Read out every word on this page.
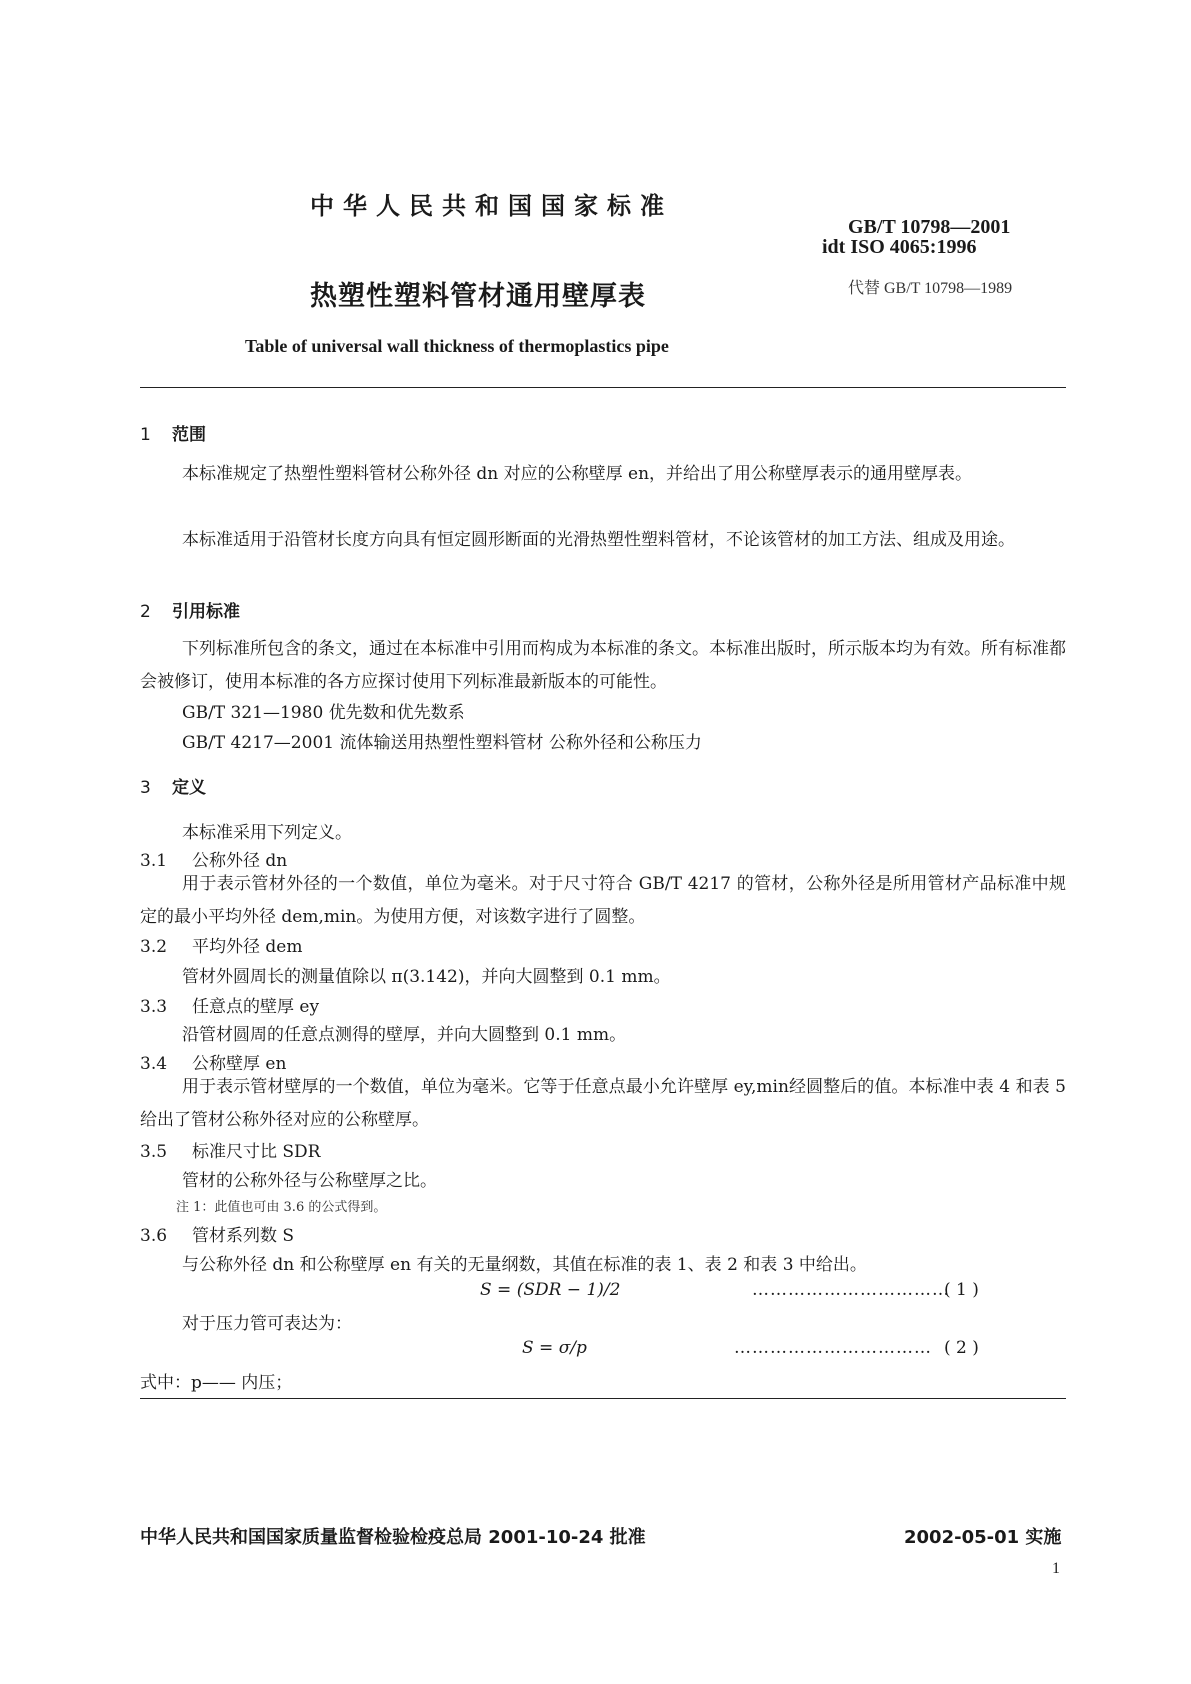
中华人民共和国国家标准
GB/T 10798—2001
idt ISO 4065:1996
代替 GB/T 10798—1989
热塑性塑料管材通用壁厚表
Table of universal wall thickness of thermoplastics pipe
1 范围
本标准规定了热塑性塑料管材公称外径 dn 对应的公称壁厚 en，并给出了用公称壁厚表示的通用壁厚表。
本标准适用于沿管材长度方向具有恒定圆形断面的光滑热塑性塑料管材，不论该管材的加工方法、组成及用途。
2 引用标准
下列标准所包含的条文，通过在本标准中引用而构成为本标准的条文。本标准出版时，所示版本均为有效。所有标准都会被修订，使用本标准的各方应探讨使用下列标准最新版本的可能性。
GB/T 321—1980 优先数和优先数系
GB/T 4217—2001 流体输送用热塑性塑料管材 公称外径和公称压力
3 定义
本标准采用下列定义。
3.1 公称外径 dn
用于表示管材外径的一个数值，单位为毫米。对于尺寸符合 GB/T 4217 的管材，公称外径是所用管材产品标准中规定的最小平均外径 dem,min。为使用方便，对该数字进行了圆整。
3.2 平均外径 dem
管材外圆周长的测量值除以 π(3.142)，并向大圆整到 0.1 mm。
3.3 任意点的壁厚 ey
沿管材圆周的任意点测得的壁厚，并向大圆整到 0.1 mm。
3.4 公称壁厚 en
用于表示管材壁厚的一个数值，单位为毫米。它等于任意点最小允许壁厚 ey,min经圆整后的值。本标准中表 4 和表 5 给出了管材公称外径对应的公称壁厚。
3.5 标准尺寸比 SDR
管材的公称外径与公称壁厚之比。
注 1：此值也可由 3.6 的公式得到。
3.6 管材系列数 S
与公称外径 dn 和公称壁厚 en 有关的无量纲数，其值在标准的表 1、表 2 和表 3 中给出。
S = (SDR − 1)/2	……………………………
( 1 )
对于压力管可表达为：
S = σ/p	…………………………… ( 2 )
式中：p—— 内压；
中华人民共和国国家质量监督检验检疫总局 2001-10-24 批准	2002-05-01 实施
1
